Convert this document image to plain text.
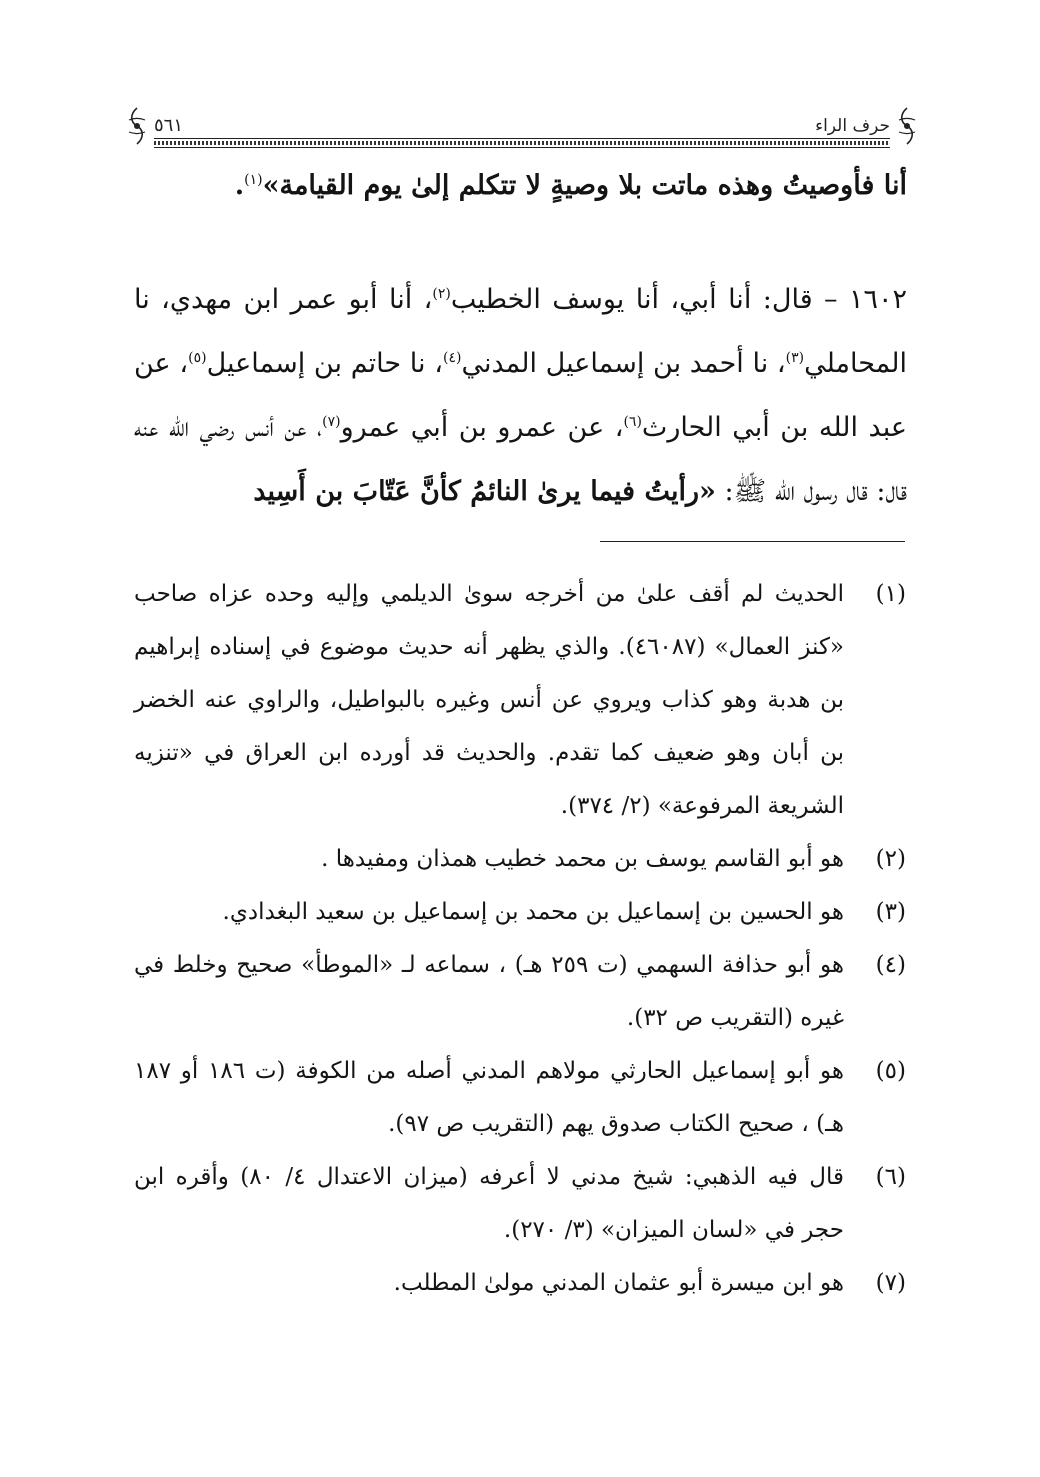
حرف الراء
٥٦١

أنا فأوصيتُ وهذه ماتت بلا وصيةٍ لا تتكلم إلىٰ يوم القيامة»$^{(١)}$.

١٦٠٢ – قال: أنا أبي، أنا يوسف الخطيب$^{(٢)}$، أنا أبو عمر ابن مهدي، نا المحاملي$^{(٣)}$، نا أحمد بن إسماعيل المدني$^{(٤)}$، نا حاتم بن إسماعيل$^{(٥)}$، عن عبد الله بن أبي الحارث$^{(٦)}$، عن عمرو بن أبي عمرو$^{(٧)}$، عن أنس رضي الله عنه قال: قال رسول الله ﷺ: «رأيتُ فيما يرىٰ النائمُ كأنَّ عَتّابَ بن أَسِيد

(١)
الحديث لم أقف علىٰ من أخرجه سوىٰ الديلمي وإليه وحده عزاه صاحب «كنز العمال» (٤٦٠٨٧). والذي يظهر أنه حديث موضوع في إسناده إبراهيم بن هدبة وهو كذاب ويروي عن أنس وغيره بالبواطيل، والراوي عنه الخضر بن أبان وهو ضعيف كما تقدم. والحديث قد أورده ابن العراق في «تنزيه الشريعة المرفوعة» (٢/ ٣٧٤).
(٢)
هو أبو القاسم يوسف بن محمد خطيب همذان ومفيدها .
(٣)
هو الحسين بن إسماعيل بن محمد بن إسماعيل بن سعيد البغدادي.
(٤)
هو أبو حذافة السهمي (ت ٢٥٩ هـ) ، سماعه لـ «الموطأ» صحيح وخلط في غيره (التقريب ص ٣٢).
(٥)
هو أبو إسماعيل الحارثي مولاهم المدني أصله من الكوفة (ت ١٨٦ أو ١٨٧ هـ) ، صحيح الكتاب صدوق يهم (التقريب ص ٩٧).
(٦)
قال فيه الذهبي: شيخ مدني لا أعرفه (ميزان الاعتدال ٤/ ٨٠) وأقره ابن حجر في «لسان الميزان» (٣/ ٢٧٠).
(٧)
هو ابن ميسرة أبو عثمان المدني مولىٰ المطلب.
